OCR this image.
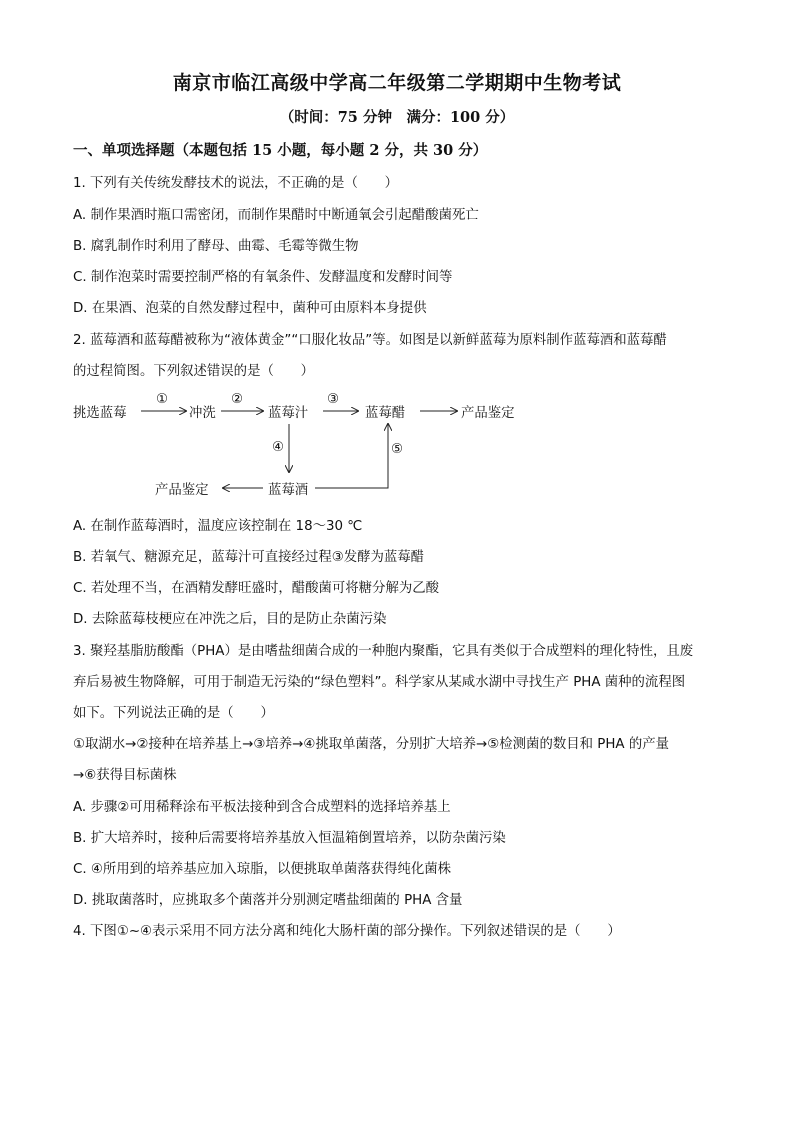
南京市临江高级中学高二年级第二学期期中生物考试
（时间：75 分钟　满分：100 分）
一、单项选择题（本题包括 15 小题，每小题 2 分，共 30 分）
1. 下列有关传统发酵技术的说法，不正确的是（　　）
A. 制作果酒时瓶口需密闭，而制作果醋时中断通氧会引起醋酸菌死亡
B. 腐乳制作时利用了酵母、曲霉、毛霉等微生物
C. 制作泡菜时需要控制严格的有氧条件、发酵温度和发酵时间等
D. 在果酒、泡菜的自然发酵过程中，菌种可由原料本身提供
2. 蓝莓酒和蓝莓醋被称为“液体黄金”“口服化妆品”等。如图是以新鲜蓝莓为原料制作蓝莓酒和蓝莓醋
的过程简图。下列叙述错误的是（　　）
挑选蓝莓	冲洗	蓝莓汁	蓝莓醋	产品鉴定
蓝莓酒
产品鉴定
①	②	③
④	⑤
A. 在制作蓝莓酒时，温度应该控制在 18～30 ℃
B. 若氧气、糖源充足，蓝莓汁可直接经过程③发酵为蓝莓醋
C. 若处理不当，在酒精发酵旺盛时，醋酸菌可将糖分解为乙酸
D. 去除蓝莓枝梗应在冲洗之后，目的是防止杂菌污染
3. 聚羟基脂肪酸酯（PHA）是由嗜盐细菌合成的一种胞内聚酯，它具有类似于合成塑料的理化特性，且废
弃后易被生物降解，可用于制造无污染的“绿色塑料”。科学家从某咸水湖中寻找生产 PHA 菌种的流程图
如下。下列说法正确的是（　　）
①取湖水→②接种在培养基上→③培养→④挑取单菌落，分别扩大培养→⑤检测菌的数目和 PHA 的产量
→⑥获得目标菌株
A. 步骤②可用稀释涂布平板法接种到含合成塑料的选择培养基上
B. 扩大培养时，接种后需要将培养基放入恒温箱倒置培养，以防杂菌污染
C. ④所用到的培养基应加入琼脂，以便挑取单菌落获得纯化菌株
D. 挑取菌落时，应挑取多个菌落并分别测定嗜盐细菌的 PHA 含量
4. 下图①~④表示采用不同方法分离和纯化大肠杆菌的部分操作。下列叙述错误的是（　　）
